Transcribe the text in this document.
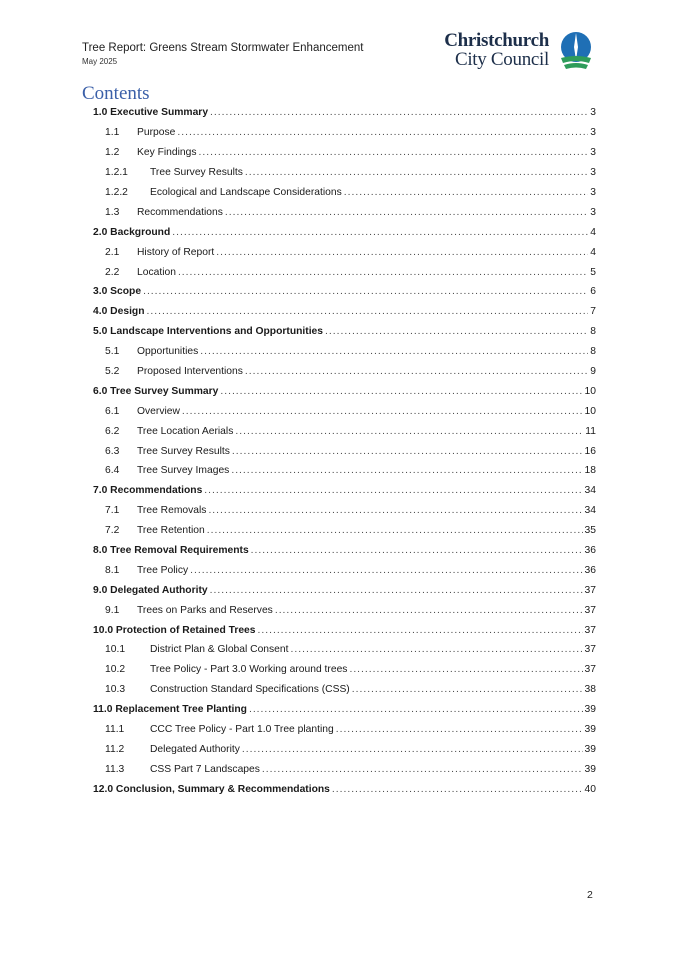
Tree Report: Greens Stream Stormwater Enhancement
May 2025
Christchurch
City Council
Contents
1.0 Executive Summary .....	3
1.1	Purpose .....	3
1.2	Key Findings .....	3
1.2.1	Tree Survey Results .....	3
1.2.2	Ecological and Landscape Considerations .....	3
1.3	Recommendations .....	3
2.0 Background .....	4
2.1	History of Report .....	4
2.2	Location .....	5
3.0 Scope .....	6
4.0 Design .....	7
5.0 Landscape Interventions and Opportunities .....	8
5.1	Opportunities .....	8
5.2	Proposed Interventions .....	9
6.0 Tree Survey Summary .....	10
6.1	Overview .....	10
6.2	Tree Location Aerials .....	11
6.3	Tree Survey Results .....	16
6.4	Tree Survey Images .....	18
7.0 Recommendations .....	34
7.1	Tree Removals .....	34
7.2	Tree Retention .....	35
8.0 Tree Removal Requirements .....	36
8.1	Tree Policy .....	36
9.0 Delegated Authority .....	37
9.1	Trees on Parks and Reserves .....	37
10.0 Protection of Retained Trees .....	37
10.1	District Plan & Global Consent .....	37
10.2	Tree Policy - Part 3.0 Working around trees .....	37
10.3	Construction Standard Specifications (CSS) .....	38
11.0 Replacement Tree Planting .....	39
11.1	CCC Tree Policy - Part 1.0 Tree planting .....	39
11.2	Delegated Authority .....	39
11.3	CSS Part 7 Landscapes .....	39
12.0 Conclusion, Summary & Recommendations .....	40
2
